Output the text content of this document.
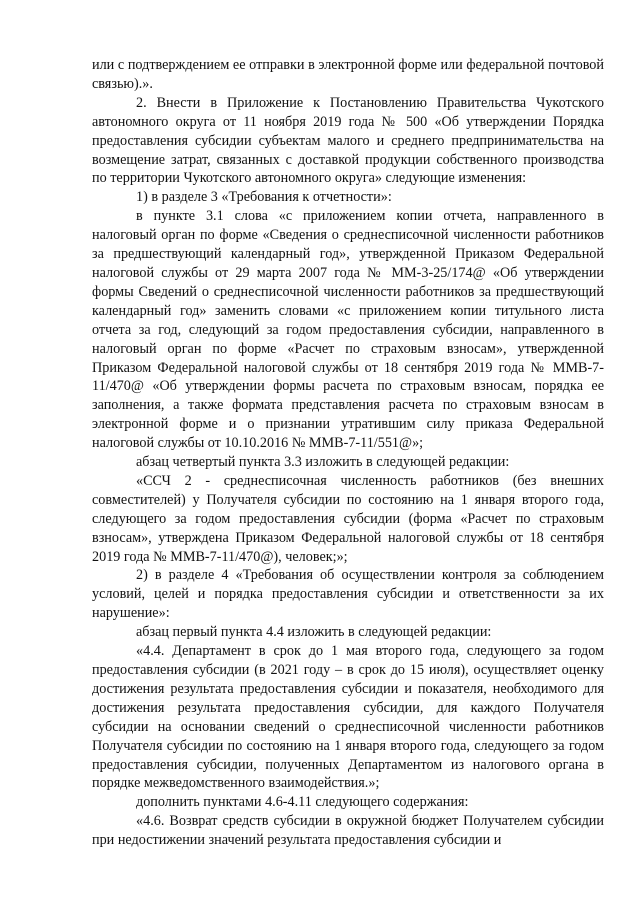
или с подтверждением ее отправки в электронной форме или федеральной почтовой связью).».

2. Внести в Приложение к Постановлению Правительства Чукотского автономного округа от 11 ноября 2019 года № 500 «Об утверждении Порядка предоставления субсидии субъектам малого и среднего предпринимательства на возмещение затрат, связанных с доставкой продукции собственного производства по территории Чукотского автономного округа» следующие изменения:

1) в разделе 3 «Требования к отчетности»:

в пункте 3.1 слова «с приложением копии отчета, направленного в налоговый орган по форме «Сведения о среднесписочной численности работников за предшествующий календарный год», утвержденной Приказом Федеральной налоговой службы от 29 марта 2007 года № ММ-3-25/174@ «Об утверждении формы Сведений о среднесписочной численности работников за предшествующий календарный год» заменить словами «с приложением копии титульного листа отчета за год, следующий за годом предоставления субсидии, направленного в налоговый орган по форме «Расчет по страховым взносам», утвержденной Приказом Федеральной налоговой службы от 18 сентября 2019 года № ММВ-7-11/470@ «Об утверждении формы расчета по страховым взносам, порядка ее заполнения, а также формата представления расчета по страховым взносам в электронной форме и о признании утратившим силу приказа Федеральной налоговой службы от 10.10.2016 № ММВ-7-11/551@»;

абзац четвертый пункта 3.3 изложить в следующей редакции:

«ССЧ 2 - среднесписочная численность работников (без внешних совместителей) у Получателя субсидии по состоянию на 1 января второго года, следующего за годом предоставления субсидии (форма «Расчет по страховым взносам», утверждена Приказом Федеральной налоговой службы от 18 сентября 2019 года № ММВ-7-11/470@), человек;»;

2) в разделе 4 «Требования об осуществлении контроля за соблюдением условий, целей и порядка предоставления субсидии и ответственности за их нарушение»:

абзац первый пункта 4.4 изложить в следующей редакции:

«4.4. Департамент в срок до 1 мая второго года, следующего за годом предоставления субсидии (в 2021 году – в срок до 15 июля), осуществляет оценку достижения результата предоставления субсидии и показателя, необходимого для достижения результата предоставления субсидии, для каждого Получателя субсидии на основании сведений о среднесписочной численности работников Получателя субсидии по состоянию на 1 января второго года, следующего за годом предоставления субсидии, полученных Департаментом из налогового органа в порядке межведомственного взаимодействия.»;

дополнить пунктами 4.6-4.11 следующего содержания:

«4.6. Возврат средств субсидии в окружной бюджет Получателем субсидии при недостижении значений результата предоставления субсидии и
